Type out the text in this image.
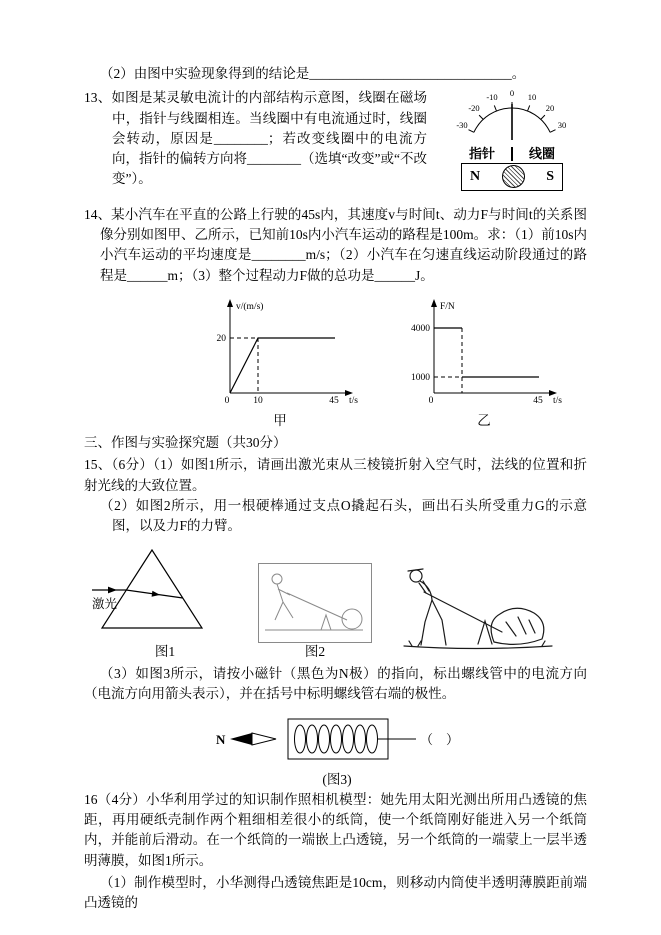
（2）由图中实验现象得到的结论是______________________________。

-30
-20
-10 0 10
20
30
指针	线圈
N	S

13、如图是某灵敏电流计的内部结构示意图，线圈在磁场中，指针与线圈相连。当线圈中有电流通过时，线圈会转动，原因是________；若改变线圈中的电流方向，指针的偏转方向将________（选填“改变”或“不改变”）。

14、某小汽车在平直的公路上行驶的45s内，其速度v与时间t、动力F与时间t的关系图像分别如图甲、乙所示，已知前10s内小汽车运动的路程是100m。求：（1）前10s内小汽车运动的平均速度是________m/s；（2）小汽车在匀速直线运动阶段通过的路程是______m；（3）整个过程动力F做的总功是______J。

v/(m/s)
20
0	10	45 t/s
甲
F/N
4000
1000
0	45 t/s
乙

三、作图与实验探究题（共30分）

15、（6分）（1）如图1所示，请画出激光束从三棱镜折射入空气时，法线的位置和折射光线的大致位置。

（2）如图2所示，用一根硬棒通过支点O撬起石头，画出石头所受重力G的示意图，以及力F的力臂。

激光
图1	图2

（3）如图3所示，请按小磁针（黑色为N极）的指向，标出螺线管中的电流方向（电流方向用箭头表示），并在括号中标明螺线管右端的极性。

N	（　）
(图3)

16（4分）小华利用学过的知识制作照相机模型：她先用太阳光测出所用凸透镜的焦距，再用硬纸壳制作两个粗细相差很小的纸筒，使一个纸筒刚好能进入另一个纸筒内，并能前后滑动。在一个纸筒的一端嵌上凸透镜，另一个纸筒的一端蒙上一层半透明薄膜，如图1所示。

（1）制作模型时，小华测得凸透镜焦距是10cm，则移动内筒使半透明薄膜距前端凸透镜的
